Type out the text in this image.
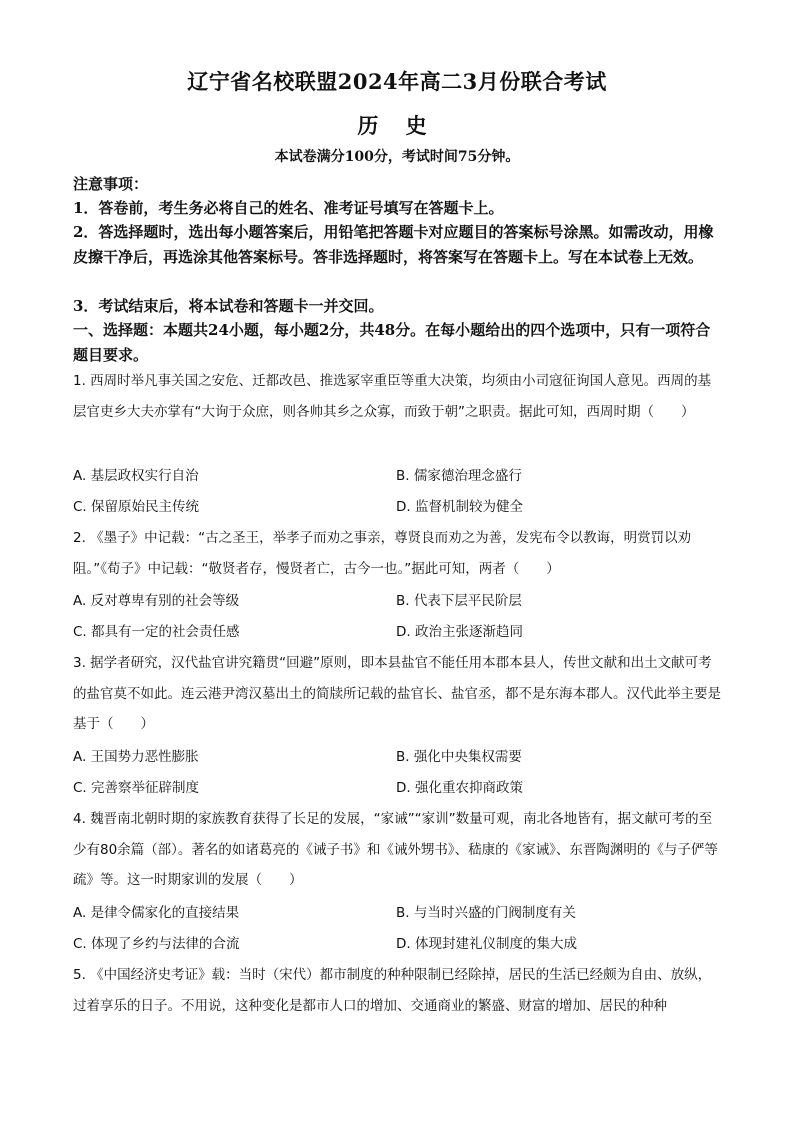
辽宁省名校联盟2024年高二3月份联合考试
历 史
本试卷满分100分，考试时间75分钟。
注意事项：
1．答卷前，考生务必将自己的姓名、准考证号填写在答题卡上。
2．答选择题时，选出每小题答案后，用铅笔把答题卡对应题目的答案标号涂黑。如需改动，用橡皮擦干净后，再选涂其他答案标号。答非选择题时，将答案写在答题卡上。写在本试卷上无效。
3．考试结束后，将本试卷和答题卡一并交回。
一、选择题：本题共24小题，每小题2分，共48分。在每小题给出的四个选项中，只有一项符合题目要求。
1. 西周时举凡事关国之安危、迁都改邑、推选冢宰重臣等重大决策，均须由小司寇征询国人意见。西周的基层官吏乡大夫亦掌有“大询于众庶，则各帅其乡之众寡，而致于朝”之职责。据此可知，西周时期（　　）
A. 基层政权实行自治	B. 儒家德治理念盛行
C. 保留原始民主传统	D. 监督机制较为健全
2. 《墨子》中记载：“古之圣王，举孝子而劝之事亲，尊贤良而劝之为善，发宪布令以教诲，明赏罚以劝阻。”《荀子》中记载：“敬贤者存，慢贤者亡，古今一也。”据此可知，两者（　　）
A. 反对尊卑有别的社会等级	B. 代表下层平民阶层
C. 都具有一定的社会责任感	D. 政治主张逐渐趋同
3. 据学者研究，汉代盐官讲究籍贯“回避”原则，即本县盐官不能任用本郡本县人，传世文献和出土文献可考的盐官莫不如此。连云港尹湾汉墓出土的简牍所记载的盐官长、盐官丞，都不是东海本郡人。汉代此举主要是基于（　　）
A. 王国势力恶性膨胀	B. 强化中央集权需要
C. 完善察举征辟制度	D. 强化重农抑商政策
4. 魏晋南北朝时期的家族教育获得了长足的发展，“家诫”“家训”数量可观，南北各地皆有，据文献可考的至少有80余篇（部）。著名的如诸葛亮的《诫子书》和《诫外甥书》、嵇康的《家诫》、东晋陶渊明的《与子俨等疏》等。这一时期家训的发展（　　）
A. 是律令儒家化的直接结果	B. 与当时兴盛的门阀制度有关
C. 体现了乡约与法律的合流	D. 体现封建礼仪制度的集大成
5. 《中国经济史考证》载：当时（宋代）都市制度的种种限制已经除掉，居民的生活已经颇为自由、放纵，过着享乐的日子。不用说，这种变化是都市人口的增加、交通商业的繁盛、财富的增加、居民的种种
